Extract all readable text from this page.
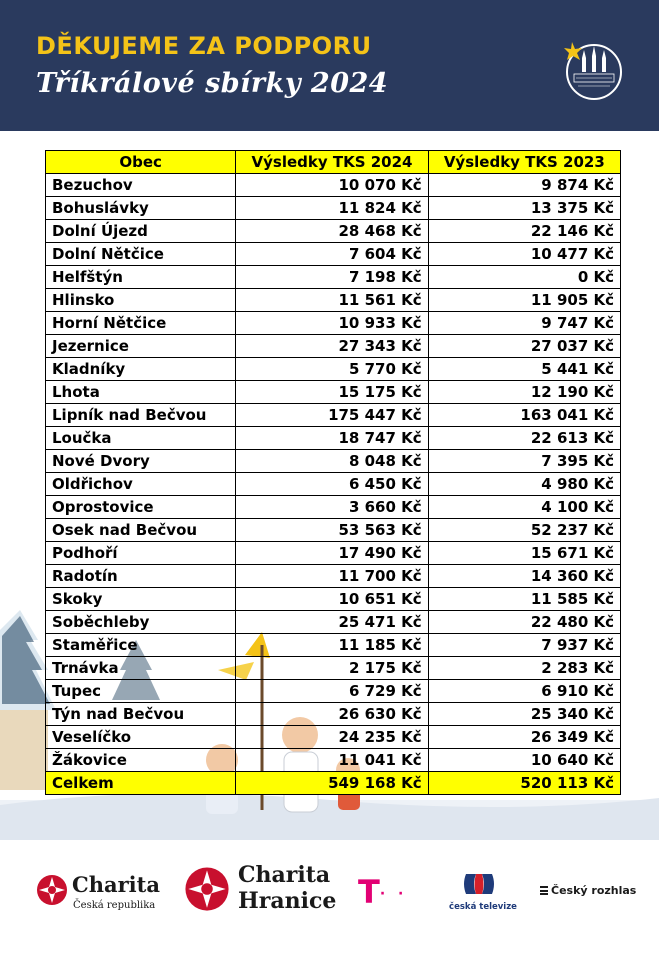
DĚKUJEME ZA PODPORU
Tříkrálové sbírky 2024
Obec	Výsledky TKS 2024	Výsledky TKS 2023
Bezuchov	10 070 Kč	9 874 Kč
Bohuslávky	11 824 Kč	13 375 Kč
Dolní Újezd	28 468 Kč	22 146 Kč
Dolní Nětčice	7 604 Kč	10 477 Kč
Helfštýn	7 198 Kč	0 Kč
Hlinsko	11 561 Kč	11 905 Kč
Horní Nětčice	10 933 Kč	9 747 Kč
Jezernice	27 343 Kč	27 037 Kč
Kladníky	5 770 Kč	5 441 Kč
Lhota	15 175 Kč	12 190 Kč
Lipník nad Bečvou	175 447 Kč	163 041 Kč
Loučka	18 747 Kč	22 613 Kč
Nové Dvory	8 048 Kč	7 395 Kč
Oldřichov	6 450 Kč	4 980 Kč
Oprostovice	3 660 Kč	4 100 Kč
Osek nad Bečvou	53 563 Kč	52 237 Kč
Podhoří	17 490 Kč	15 671 Kč
Radotín	11 700 Kč	14 360 Kč
Skoky	10 651 Kč	11 585 Kč
Soběchleby	25 471 Kč	22 480 Kč
Staměřice	11 185 Kč	7 937 Kč
Trnávka	2 175 Kč	2 283 Kč
Tupec	6 729 Kč	6 910 Kč
Týn nad Bečvou	26 630 Kč	25 340 Kč
Veselíčko	24 235 Kč	26 349 Kč
Žákovice	11 041 Kč	10 640 Kč
Celkem	549 168 Kč	520 113 Kč
Charita
Česká republika
Charita
Hranice T· ·
česká televize
Český rozhlas
